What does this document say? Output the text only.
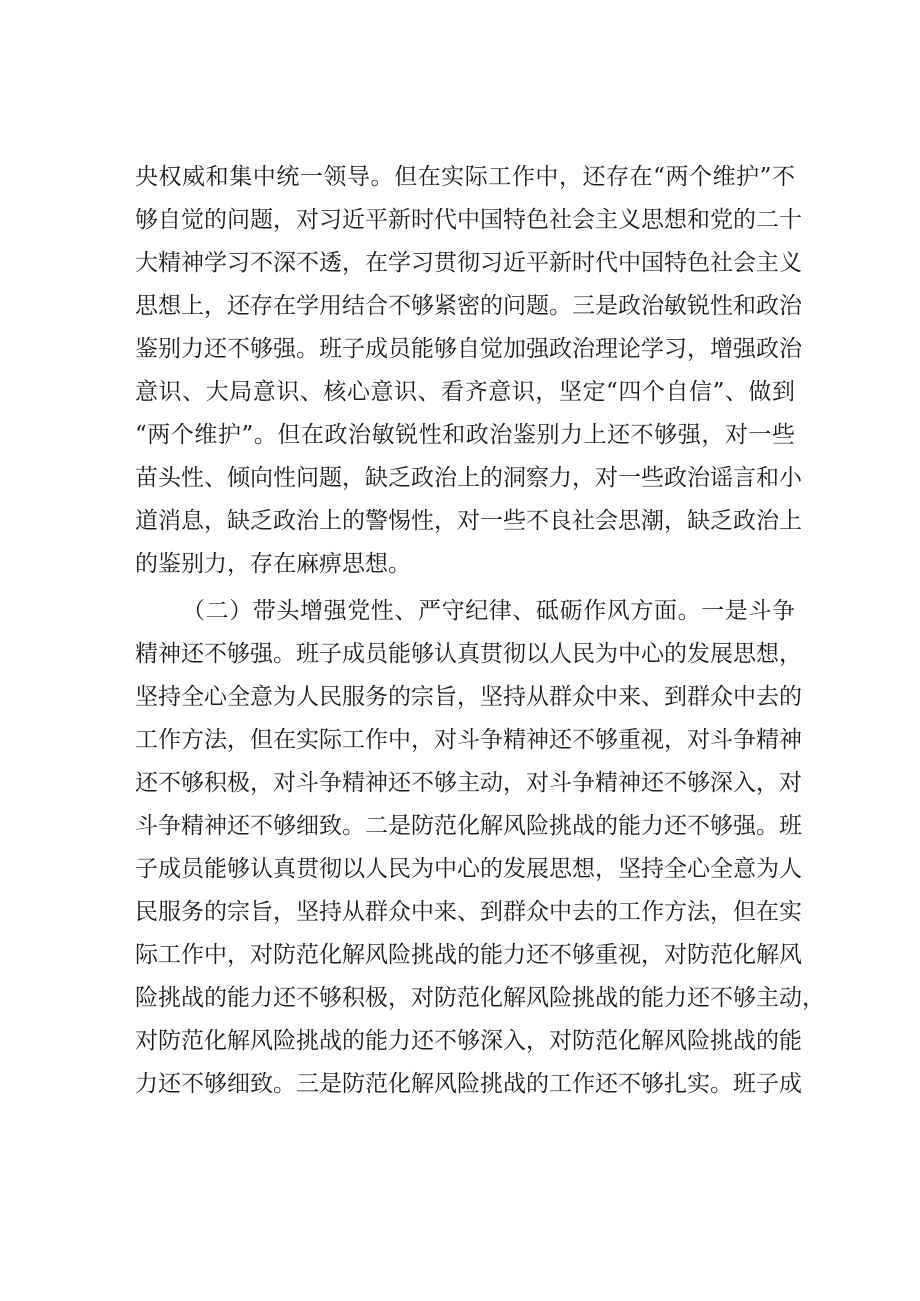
央权威和集中统一领导。但在实际工作中，还存在“两个维护”不
够自觉的问题，对习近平新时代中国特色社会主义思想和党的二十
大精神学习不深不透，在学习贯彻习近平新时代中国特色社会主义
思想上，还存在学用结合不够紧密的问题。三是政治敏锐性和政治
鉴别力还不够强。班子成员能够自觉加强政治理论学习，增强政治
意识、大局意识、核心意识、看齐意识，坚定“四个自信”、做到
“两个维护”。但在政治敏锐性和政治鉴别力上还不够强，对一些
苗头性、倾向性问题，缺乏政治上的洞察力，对一些政治谣言和小
道消息，缺乏政治上的警惕性，对一些不良社会思潮，缺乏政治上
的鉴别力，存在麻痹思想。
（二）带头增强党性、严守纪律、砥砺作风方面。一是斗争
精神还不够强。班子成员能够认真贯彻以人民为中心的发展思想，
坚持全心全意为人民服务的宗旨，坚持从群众中来、到群众中去的
工作方法，但在实际工作中，对斗争精神还不够重视，对斗争精神
还不够积极，对斗争精神还不够主动，对斗争精神还不够深入，对
斗争精神还不够细致。二是防范化解风险挑战的能力还不够强。班
子成员能够认真贯彻以人民为中心的发展思想，坚持全心全意为人
民服务的宗旨，坚持从群众中来、到群众中去的工作方法，但在实
际工作中，对防范化解风险挑战的能力还不够重视，对防范化解风
险挑战的能力还不够积极，对防范化解风险挑战的能力还不够主动，
对防范化解风险挑战的能力还不够深入，对防范化解风险挑战的能
力还不够细致。三是防范化解风险挑战的工作还不够扎实。班子成
